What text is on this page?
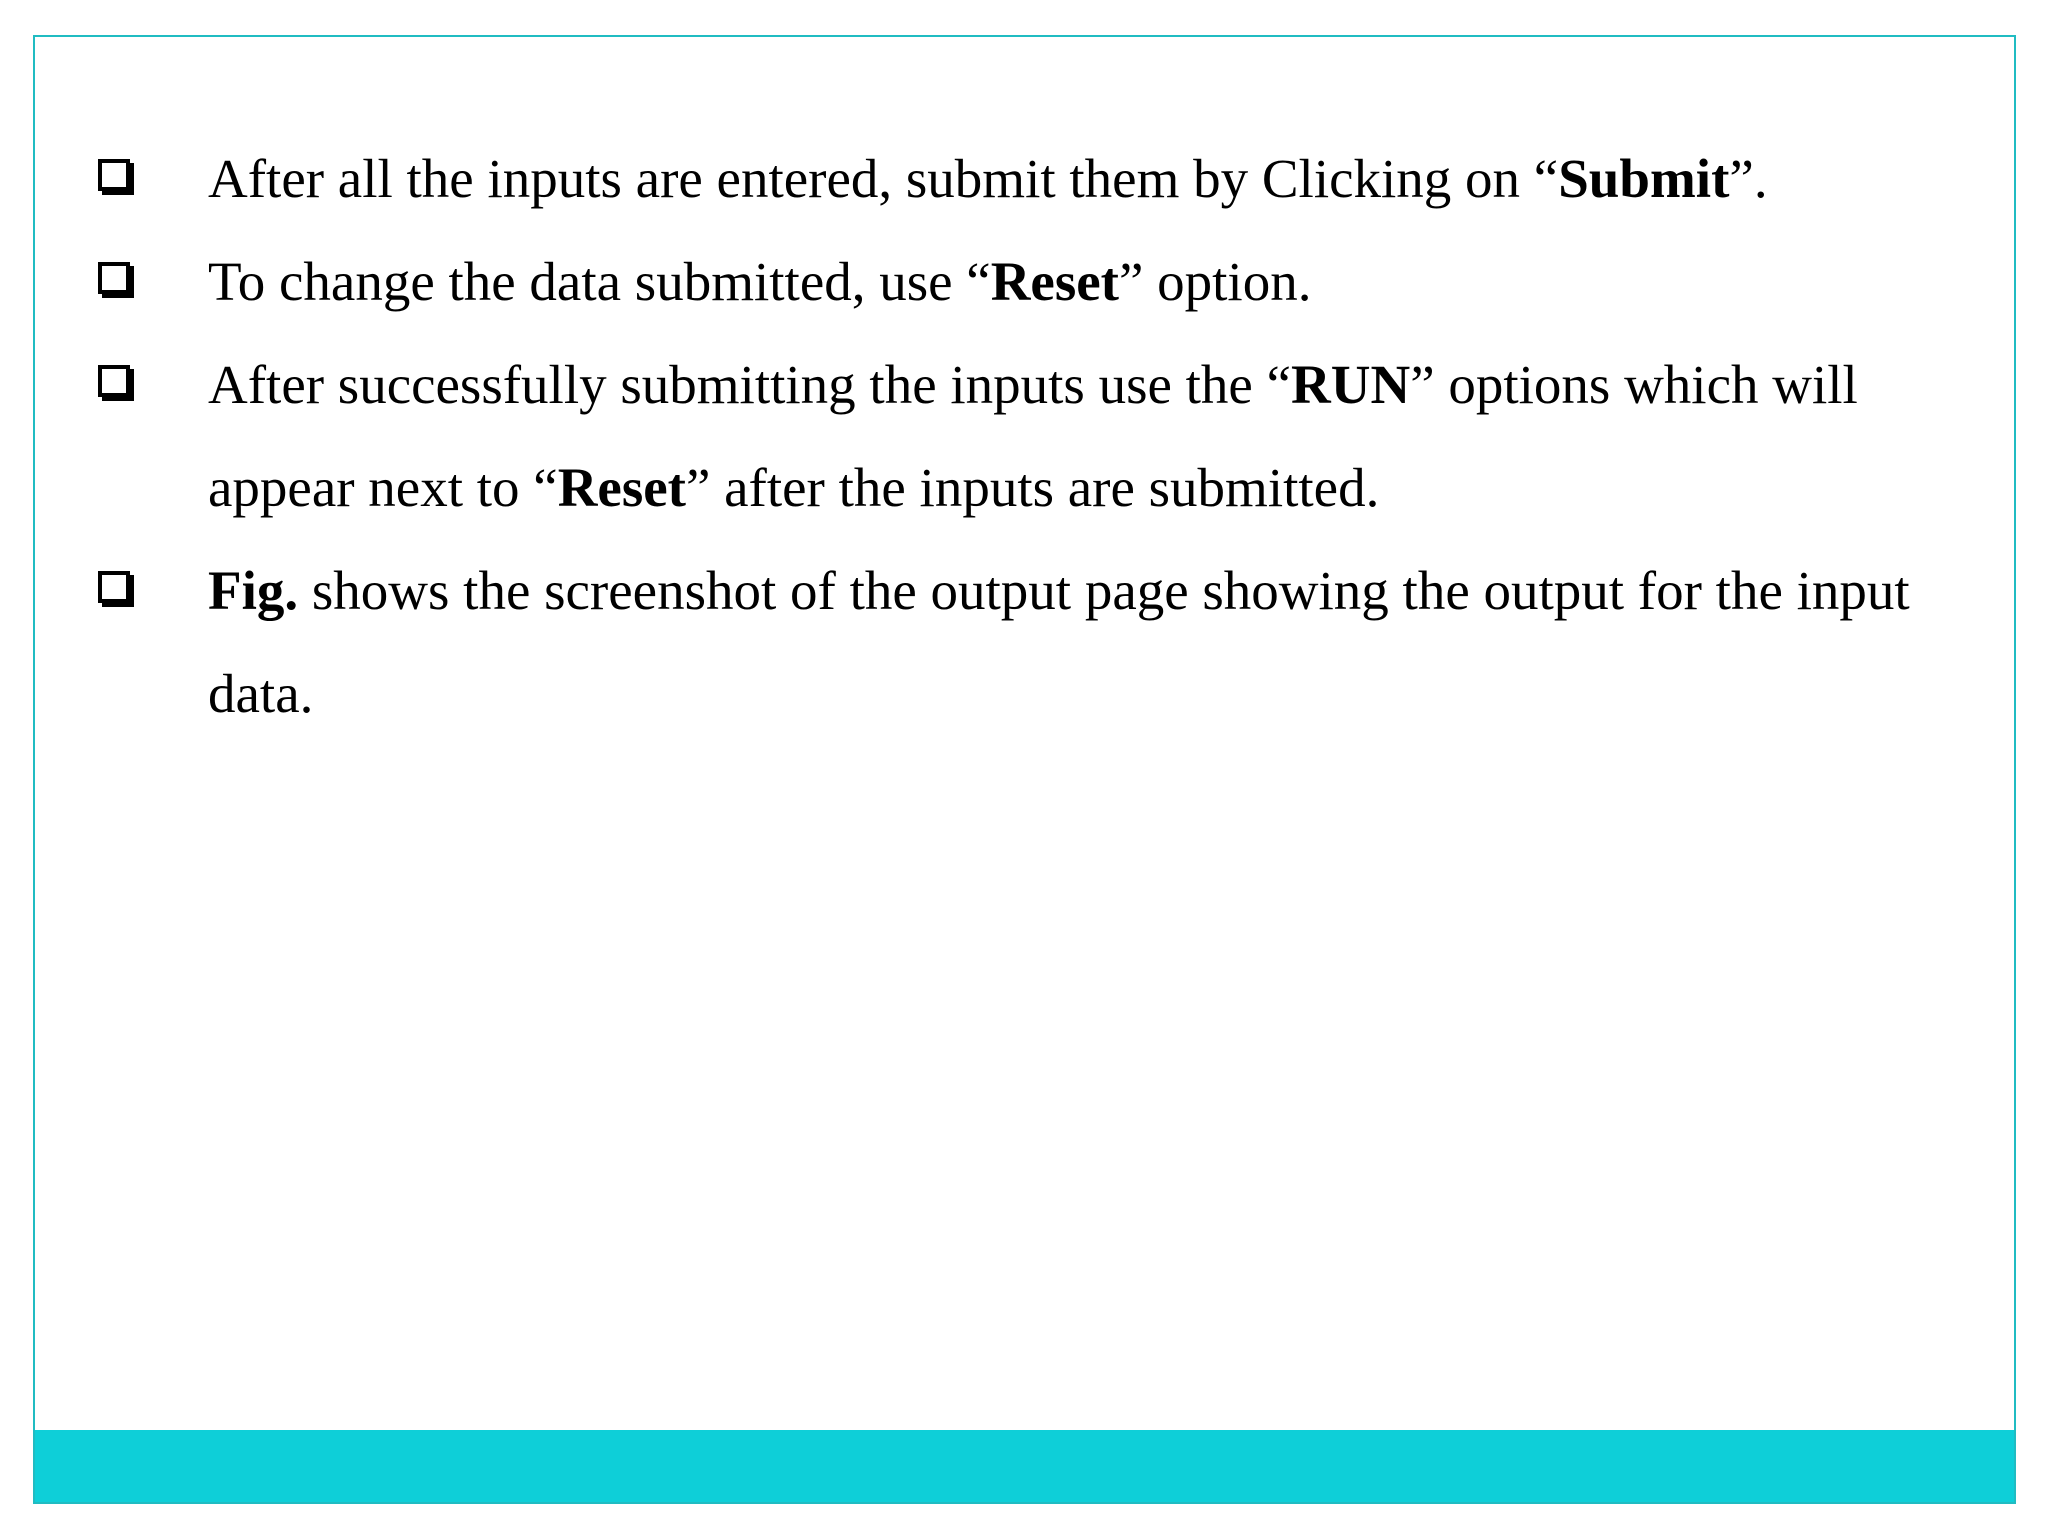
After all the inputs are entered, submit them by Clicking on “Submit”.
To change the data submitted, use “Reset” option.
After successfully submitting the inputs use the “RUN” options which will appear next to “Reset” after the inputs are submitted.
Fig. shows the screenshot of the output page showing the output for the input data.
